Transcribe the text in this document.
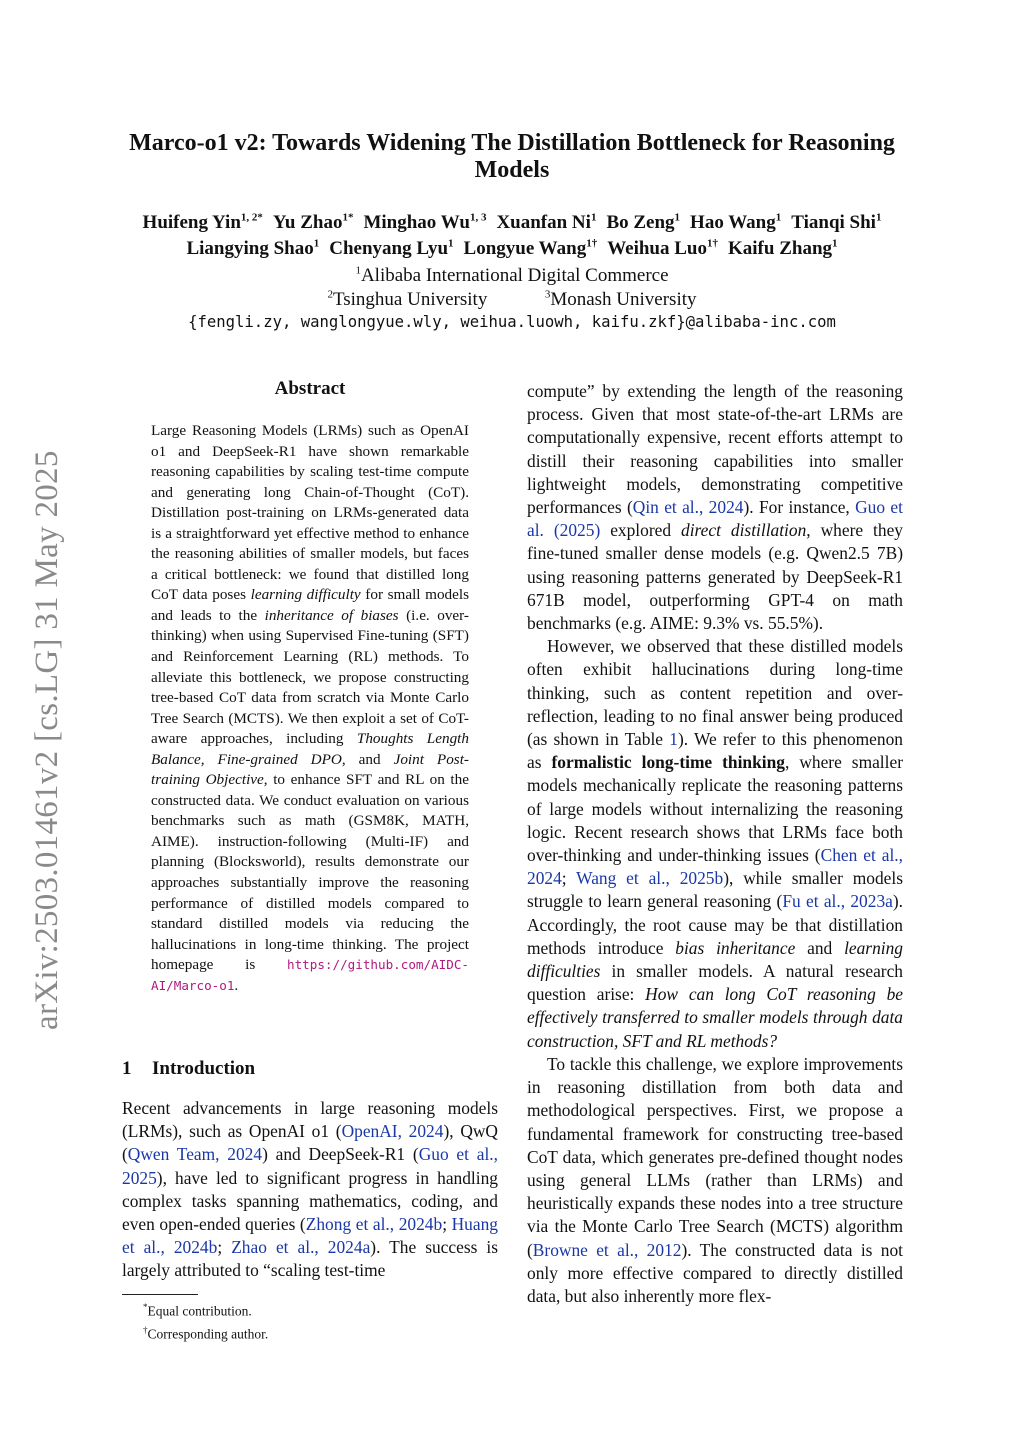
arXiv:2503.01461v2 [cs.LG] 31 May 2025
Marco-o1 v2: Towards Widening The Distillation Bottleneck for Reasoning Models
Huifeng Yin$^{1, 2*}$ Yu Zhao$^{1*}$ Minghao Wu$^{1, 3}$ Xuanfan Ni$^1$ Bo Zeng$^1$ Hao Wang$^1$ Tianqi Shi$^1$
Liangying Shao$^1$ Chenyang Lyu$^1$ Longyue Wang$^{1\dagger}$ Weihua Luo$^{1\dagger}$ Kaifu Zhang$^1$
$^1$Alibaba International Digital Commerce
$^2$Tsinghua University	$^3$Monash University
{fengli.zy, wanglongyue.wly, weihua.luowh, kaifu.zkf}@alibaba-inc.com
Abstract
Large Reasoning Models (LRMs) such as OpenAI o1 and DeepSeek-R1 have shown remarkable reasoning capabilities by scaling test-time compute and generating long Chain-of-Thought (CoT). Distillation post-training on LRMs-generated data is a straightforward yet effective method to enhance the reasoning abilities of smaller models, but faces a critical bottleneck: we found that distilled long CoT data poses learning difficulty for small models and leads to the inheritance of biases (i.e. over-thinking) when using Supervised Fine-tuning (SFT) and Reinforcement Learning (RL) methods. To alleviate this bottleneck, we propose constructing tree-based CoT data from scratch via Monte Carlo Tree Search (MCTS). We then exploit a set of CoT-aware approaches, including Thoughts Length Balance, Fine-grained DPO, and Joint Post-training Objective, to enhance SFT and RL on the constructed data. We conduct evaluation on various benchmarks such as math (GSM8K, MATH, AIME). instruction-following (Multi-IF) and planning (Blocksworld), results demonstrate our approaches substantially improve the reasoning performance of distilled models compared to standard distilled models via reducing the hallucinations in long-time thinking. The project homepage is https://github.com/AIDC-AI/Marco-o1.
1 Introduction
Recent advancements in large reasoning models (LRMs), such as OpenAI o1 (OpenAI, 2024), QwQ (Qwen Team, 2024) and DeepSeek-R1 (Guo et al., 2025), have led to significant progress in handling complex tasks spanning mathematics, coding, and even open-ended queries (Zhong et al., 2024b; Huang et al., 2024b; Zhao et al., 2024a). The success is largely attributed to “scaling test-time

compute” by extending the length of the reasoning process. Given that most state-of-the-art LRMs are computationally expensive, recent efforts attempt to distill their reasoning capabilities into smaller lightweight models, demonstrating competitive performances (Qin et al., 2024). For instance, Guo et al. (2025) explored direct distillation, where they fine-tuned smaller dense models (e.g. Qwen2.5 7B) using reasoning patterns generated by DeepSeek-R1 671B model, outperforming GPT-4 on math benchmarks (e.g. AIME: 9.3% vs. 55.5%).

However, we observed that these distilled models often exhibit hallucinations during long-time thinking, such as content repetition and over-reflection, leading to no final answer being produced (as shown in Table 1). We refer to this phenomenon as formalistic long-time thinking, where smaller models mechanically replicate the reasoning patterns of large models without internalizing the reasoning logic. Recent research shows that LRMs face both over-thinking and under-thinking issues (Chen et al., 2024; Wang et al., 2025b), while smaller models struggle to learn general reasoning (Fu et al., 2023a). Accordingly, the root cause may be that distillation methods introduce bias inheritance and learning difficulties in smaller models. A natural research question arise: How can long CoT reasoning be effectively transferred to smaller models through data construction, SFT and RL methods?

To tackle this challenge, we explore improvements in reasoning distillation from both data and methodological perspectives. First, we propose a fundamental framework for constructing tree-based CoT data, which generates pre-defined thought nodes using general LLMs (rather than LRMs) and heuristically expands these nodes into a tree structure via the Monte Carlo Tree Search (MCTS) algorithm (Browne et al., 2012). The constructed data is not only more effective compared to directly distilled data, but also inherently more flex-

*Equal contribution.
†Corresponding author.
